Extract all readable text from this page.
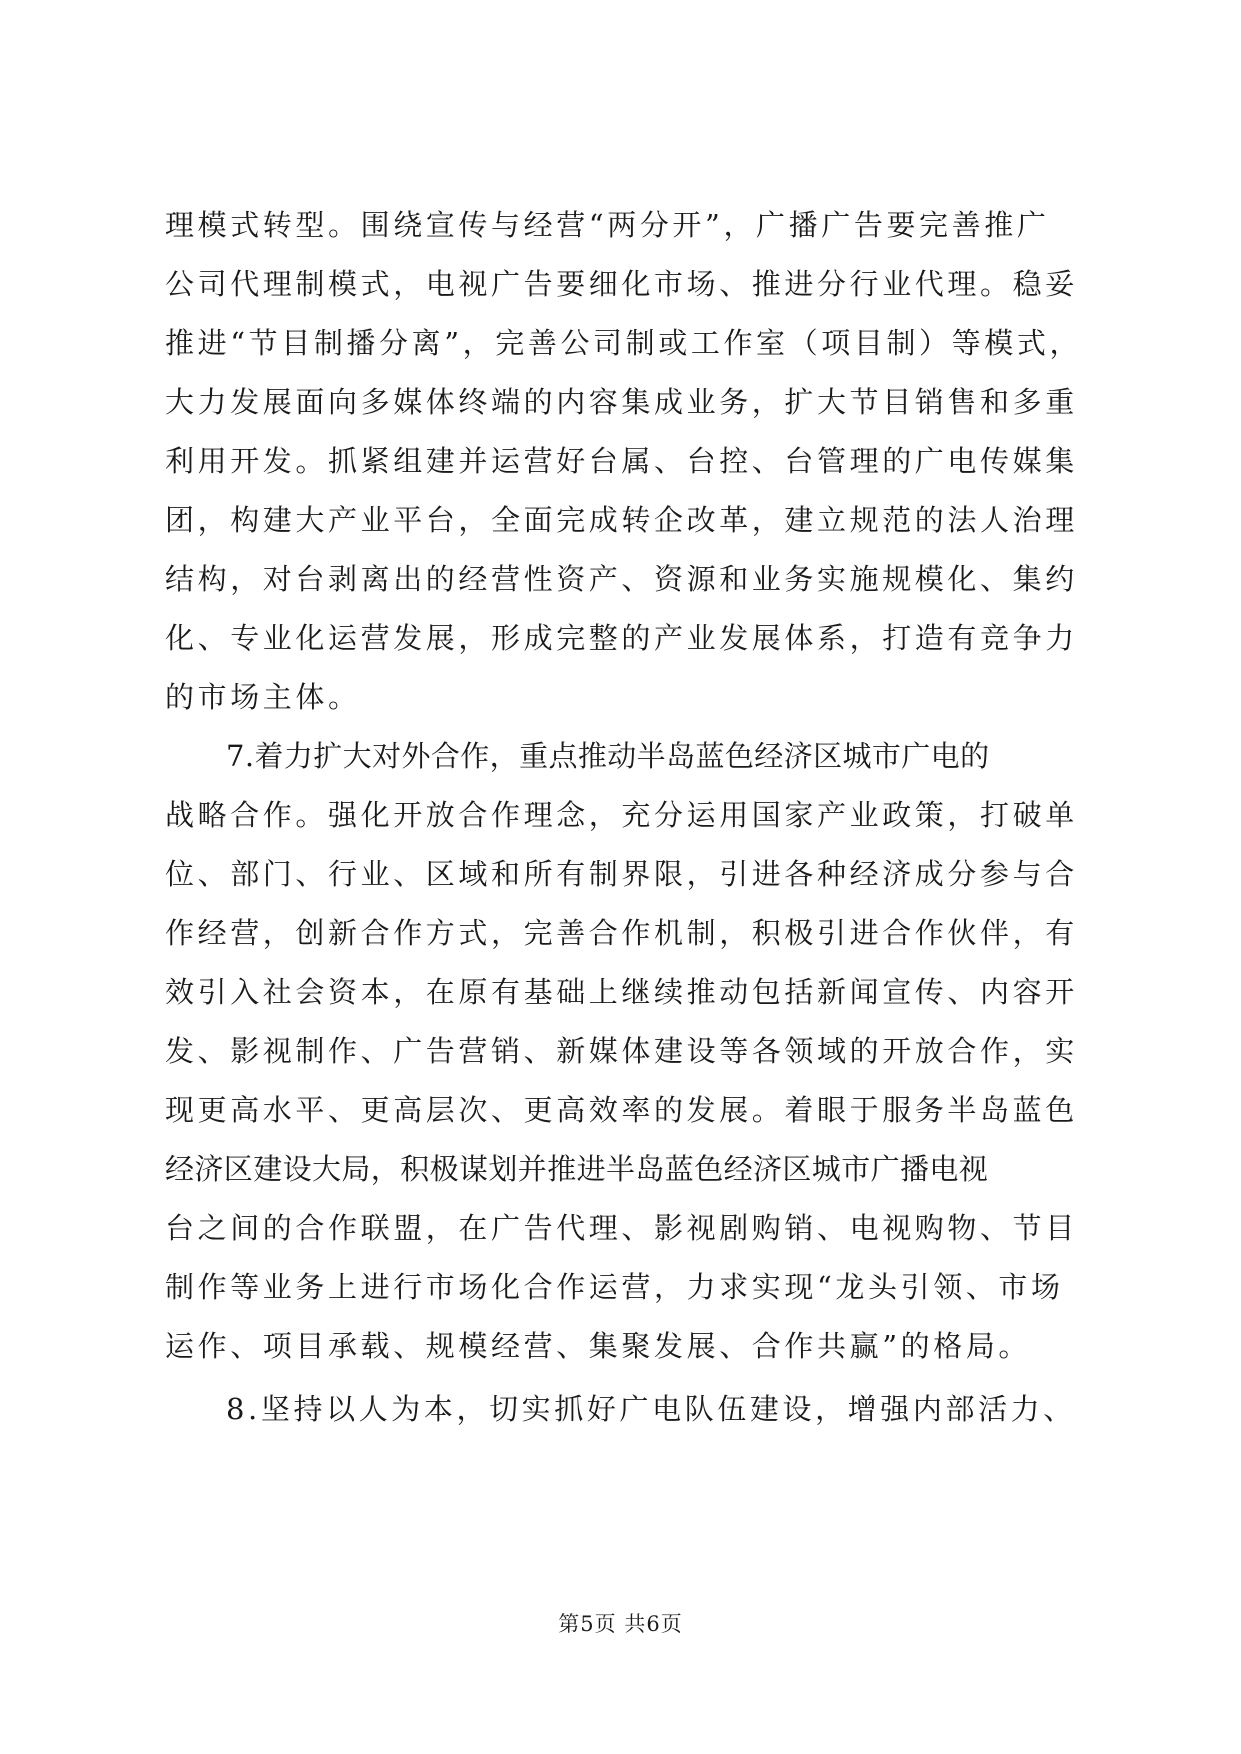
理模式转型。围绕宣传与经营“两分开”，广播广告要完善推广

公司代理制模式，电视广告要细化市场、推进分行业代理。稳妥

推进“节目制播分离”，完善公司制或工作室（项目制）等模式，

大力发展面向多媒体终端的内容集成业务，扩大节目销售和多重

利用开发。抓紧组建并运营好台属、台控、台管理的广电传媒集

团，构建大产业平台，全面完成转企改革，建立规范的法人治理

结构，对台剥离出的经营性资产、资源和业务实施规模化、集约

化、专业化运营发展，形成完整的产业发展体系，打造有竞争力

的市场主体。

7.着力扩大对外合作，重点推动半岛蓝色经济区城市广电的

战略合作。强化开放合作理念，充分运用国家产业政策，打破单

位、部门、行业、区域和所有制界限，引进各种经济成分参与合

作经营，创新合作方式，完善合作机制，积极引进合作伙伴，有

效引入社会资本，在原有基础上继续推动包括新闻宣传、内容开

发、影视制作、广告营销、新媒体建设等各领域的开放合作，实

现更高水平、更高层次、更高效率的发展。着眼于服务半岛蓝色

经济区建设大局，积极谋划并推进半岛蓝色经济区城市广播电视

台之间的合作联盟，在广告代理、影视剧购销、电视购物、节目

制作等业务上进行市场化合作运营，力求实现“龙头引领、市场

运作、项目承载、规模经营、集聚发展、合作共赢”的格局。

8.坚持以人为本，切实抓好广电队伍建设，增强内部活力、

第5页 共6页
